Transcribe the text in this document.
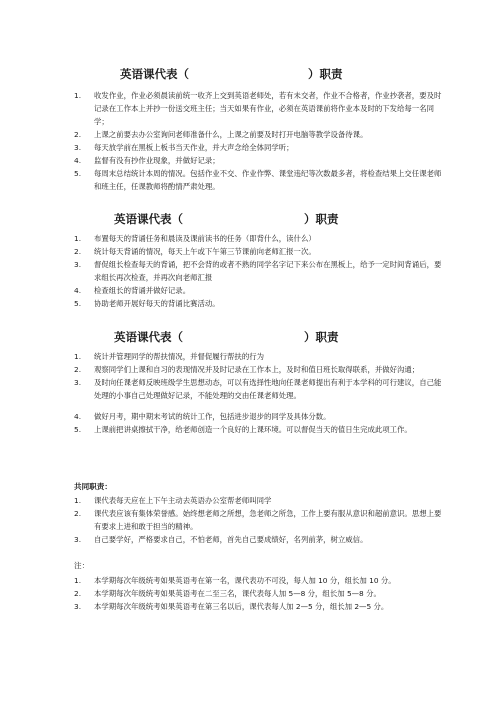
英语课代表（	）职责
1. 收发作业，作业必须晨读前统一收齐上交到英语老师处，若有未交者，作业不合格者，作业抄袭者，要及时记录在工作本上并抄一份送交班主任；当天如果有作业，必须在英语课前将作业本及时的下发给每一名同学；
2. 上课之前要去办公室询问老师准备什么，上课之前要及时打开电脑等教学设备待课。
3. 每天放学前在黑板上板书当天作业，并大声念给全体同学听；
4. 监督有没有抄作业现象，并做好记录；
5. 每周末总结统计本周的情况。包括作业不交、作业作弊、课堂违纪等次数最多者，将检查结果上交任课老师和班主任，任课教师将酌情严肃处理。
英语课代表（	）职责
1. 布置每天的背诵任务和晨读及课前读书的任务（即背什么，读什么）
2. 统计每天背诵的情况，每天上午或下午第三节课前向老师汇报一次。
3. 督促组长检查每天的背诵，把不会背的或者不熟的同学名字记下来公布在黑板上，给予一定时间背诵后，要求组长再次检查，并再次向老师汇报
4. 检查组长的背诵并做好记录。
5. 协助老师开展好每天的背诵比赛活动。
英语课代表（	）职责
1. 统计并管理同学的帮扶情况，并督促履行帮扶的行为
2. 观察同学们上课和自习的表现情况并及时记录在工作本上，及时和值日班长取得联系，并做好沟通；
3. 及时向任课老师反映班级学生思想动态，可以有选择性地向任课老师提出有利于本学科的可行建议，自己能处理的小事自己处理做好记录，不能处理的交由任课老师处理。
4. 做好月考，期中期末考试的统计工作，包括进步退步的同学及具体分数。
5. 上课前把讲桌擦拭干净，给老师创造一个良好的上课环境。可以督促当天的值日生完成此项工作。

共同职责：

1. 课代表每天应在上下午主动去英语办公室帮老师叫同学
2. 课代表应该有集体荣誉感。始终想老师之所想，急老师之所急，工作上要有服从意识和超前意识。思想上要有要求上进和敢于担当的精神。
3. 自己要学好，严格要求自己，不怕老师，首先自己要成绩好，名列前茅，树立威信。

注：

1. 本学期每次年级统考如果英语考在第一名，课代表功不可没，每人加 10 分，组长加 10 分。
2. 本学期每次年级统考如果英语考在二至三名，课代表每人加 5—8 分，组长加 5—8 分。
3. 本学期每次年级统考如果英语考在第三名以后，课代表每人加 2—5 分，组长加 2—5 分。
